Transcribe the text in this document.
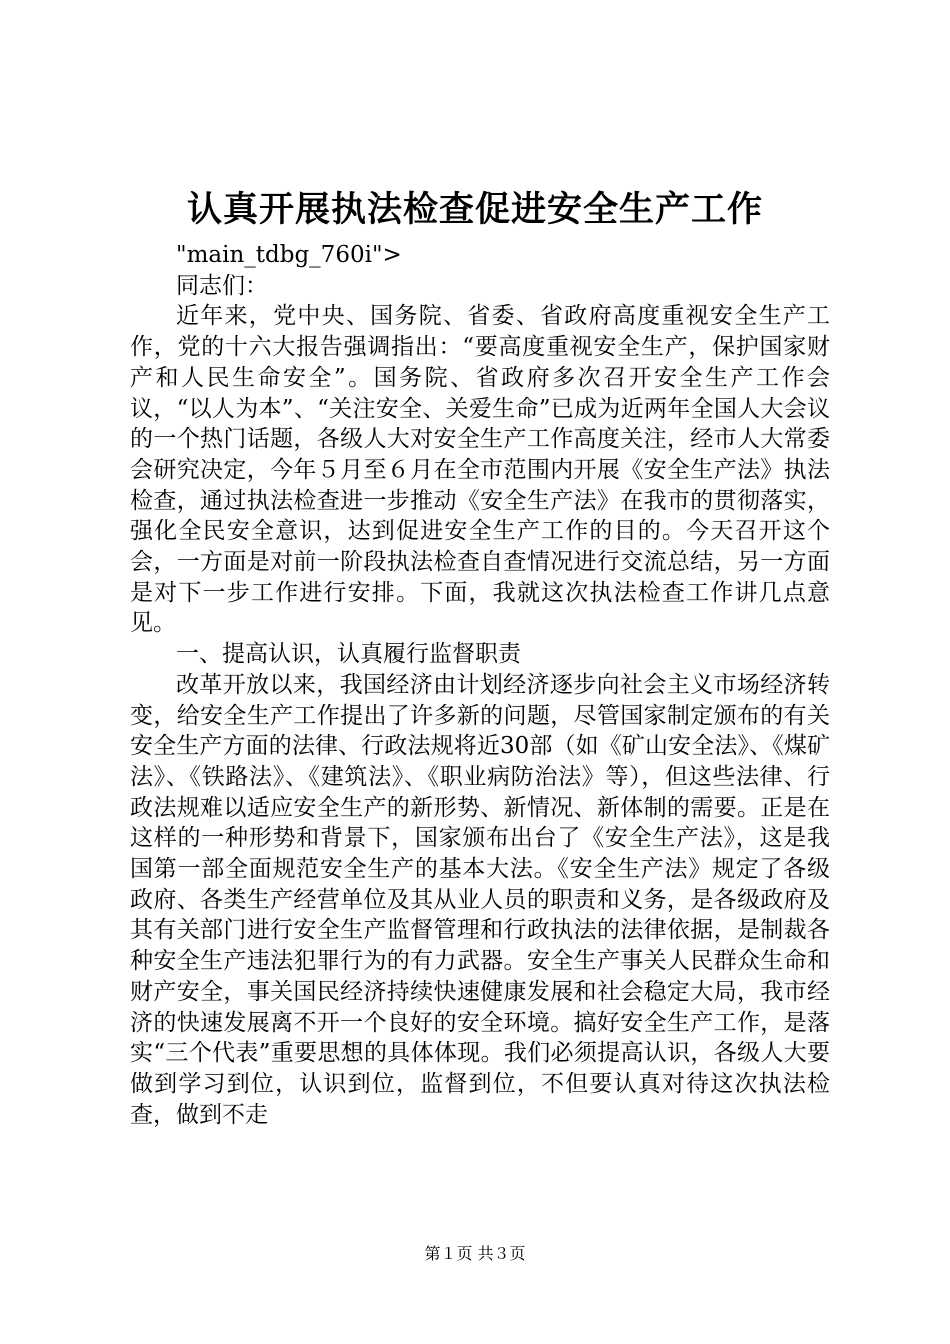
认真开展执法检查促进安全生产工作

"main_tdbg_760i">

同志们：

近年来，党中央、国务院、省委、省政府高度重视安全生产工作，党的十六大报告强调指出：“要高度重视安全生产，保护国家财产和人民生命安全”。国务院、省政府多次召开安全生产工作会议，“以人为本”、“关注安全、关爱生命”已成为近两年全国人大会议的一个热门话题，各级人大对安全生产工作高度关注，经市人大常委会研究决定，今年５月至６月在全市范围内开展《安全生产法》执法检查，通过执法检查进一步推动《安全生产法》在我市的贯彻落实，强化全民安全意识，达到促进安全生产工作的目的。今天召开这个会，一方面是对前一阶段执法检查自查情况进行交流总结，另一方面是对下一步工作进行安排。下面，我就这次执法检查工作讲几点意见。

一、提高认识，认真履行监督职责

改革开放以来，我国经济由计划经济逐步向社会主义市场经济转变，给安全生产工作提出了许多新的问题，尽管国家制定颁布的有关安全生产方面的法律、行政法规将近30部（如《矿山安全法》、《煤矿法》、《铁路法》、《建筑法》、《职业病防治法》等），但这些法律、行政法规难以适应安全生产的新形势、新情况、新体制的需要。正是在这样的一种形势和背景下，国家颁布出台了《安全生产法》，这是我国第一部全面规范安全生产的基本大法。《安全生产法》规定了各级政府、各类生产经营单位及其从业人员的职责和义务，是各级政府及其有关部门进行安全生产监督管理和行政执法的法律依据，是制裁各种安全生产违法犯罪行为的有力武器。安全生产事关人民群众生命和财产安全，事关国民经济持续快速健康发展和社会稳定大局，我市经济的快速发展离不开一个良好的安全环境。搞好安全生产工作，是落实“三个代表”重要思想的具体体现。我们必须提高认识，各级人大要做到学习到位，认识到位，监督到位，不但要认真对待这次执法检查，做到不走

第１页 共３页
